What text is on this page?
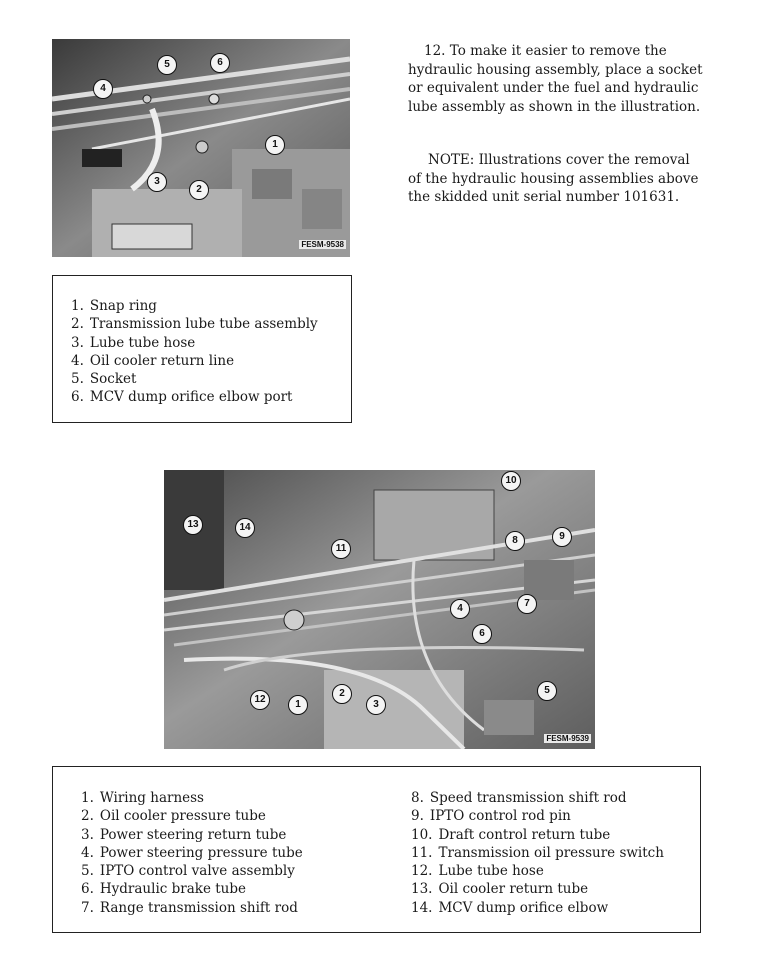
1
2
3
4
5	6
FESM-9538

12. To make it easier to remove the hydraulic housing assembly, place a socket or equivalent under the fuel and hydraulic lube assembly as shown in the illustration.

NOTE: Illustrations cover the removal of the hydraulic housing assemblies above the skidded unit serial number 101631.

1. Snap ring
2. Transmission lube tube assembly
3. Lube tube hose
4. Oil cooler return line
5. Socket
6. MCV dump orifice elbow port
1
2
3
4
5
6
7
8	9
10
11
12
13	14
FESM-9539
1. Wiring harness
2. Oil cooler pressure tube
3. Power steering return tube
4. Power steering pressure tube
5. IPTO control valve assembly
6. Hydraulic brake tube
7. Range transmission shift rod
8. Speed transmission shift rod
9. IPTO control rod pin
10. Draft control return tube
11. Transmission oil pressure switch
12. Lube tube hose
13. Oil cooler return tube
14. MCV dump orifice elbow
